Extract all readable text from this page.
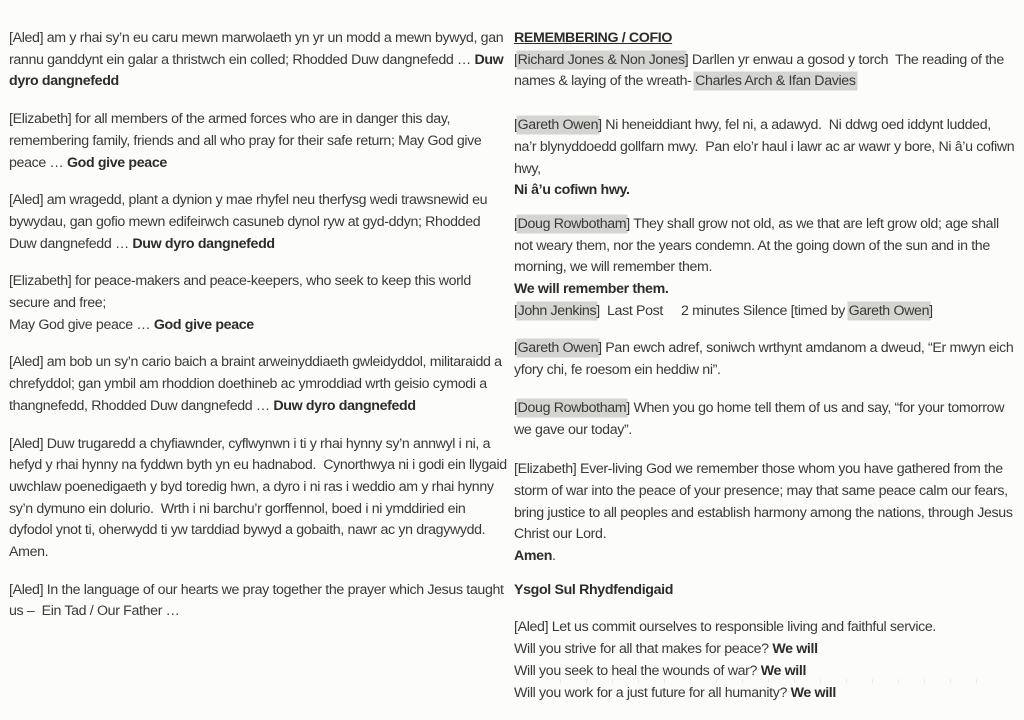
[Aled] am y rhai sy’n eu caru mewn marwolaeth yn yr un modd a mewn bywyd, gan rannu ganddynt ein galar a thristwch ein colled; Rhodded Duw dangnefedd … Duw dyro dangnefedd

[Elizabeth] for all members of the armed forces who are in danger this day, remembering family, friends and all who pray for their safe return; May God give peace … God give peace

[Aled] am wragedd, plant a dynion y mae rhyfel neu therfysg wedi trawsnewid eu bywydau, gan gofio mewn edifeirwch casuneb dynol ryw at gyd-ddyn; Rhodded Duw dangnefedd … Duw dyro dangnefedd

[Elizabeth] for peace-makers and peace-keepers, who seek to keep this world secure and free;
May God give peace … God give peace

[Aled] am bob un sy’n cario baich a braint arweinyddiaeth gwleidyddol, militaraidd a chrefyddol; gan ymbil am rhoddion doethineb ac ymroddiad wrth geisio cymodi a thangnefedd, Rhodded Duw dangnefedd … Duw dyro dangnefedd

[Aled] Duw trugaredd a chyfiawnder, cyflwynwn i ti y rhai hynny sy’n annwyl i ni, a hefyd y rhai hynny na fyddwn byth yn eu hadnabod.  Cynorthwya ni i godi ein llygaid uwchlaw poenedigaeth y byd toredig hwn, a dyro i ni ras i weddio am y rhai hynny sy’n dymuno ein dolurio.  Wrth i ni barchu’r gorffennol, boed i ni ymddiried ein dyfodol ynot ti, oherwydd ti yw tarddiad bywyd a gobaith, nawr ac yn dragywydd.  Amen.

[Aled] In the language of our hearts we pray together the prayer which Jesus taught us –  Ein Tad / Our Father …

REMEMBERING / COFIO

[Richard Jones & Non Jones] Darllen yr enwau a gosod y torch  The reading of the names & laying of the wreath- Charles Arch & Ifan Davies

[Gareth Owen] Ni heneiddiant hwy, fel ni, a adawyd.  Ni ddwg oed iddynt ludded, na’r blynyddoedd gollfarn mwy.  Pan elo’r haul i lawr ac ar wawr y bore, Ni â’u cofiwn hwy,
Ni â’u cofiwn hwy.

[Doug Rowbotham] They shall grow not old, as we that are left grow old; age shall not weary them, nor the years condemn. At the going down of the sun and in the morning, we will remember them.
We will remember them.
[John Jenkins]  Last Post     2 minutes Silence [timed by Gareth Owen]

[Gareth Owen] Pan ewch adref, soniwch wrthynt amdanom a dweud, “Er mwyn eich yfory chi, fe roesom ein heddiw ni”.

[Doug Rowbotham] When you go home tell them of us and say, “for your tomorrow we gave our today”.

[Elizabeth] Ever-living God we remember those whom you have gathered from the storm of war into the peace of your presence; may that same peace calm our fears, bring justice to all peoples and establish harmony among the nations, through Jesus Christ our Lord.
Amen.

Ysgol Sul Rhydfendigaid

[Aled] Let us commit ourselves to responsible living and faithful service.
Will you strive for all that makes for peace? We will
Will you seek to heal the wounds of war? We will
Will you work for a just future for all humanity? We will
